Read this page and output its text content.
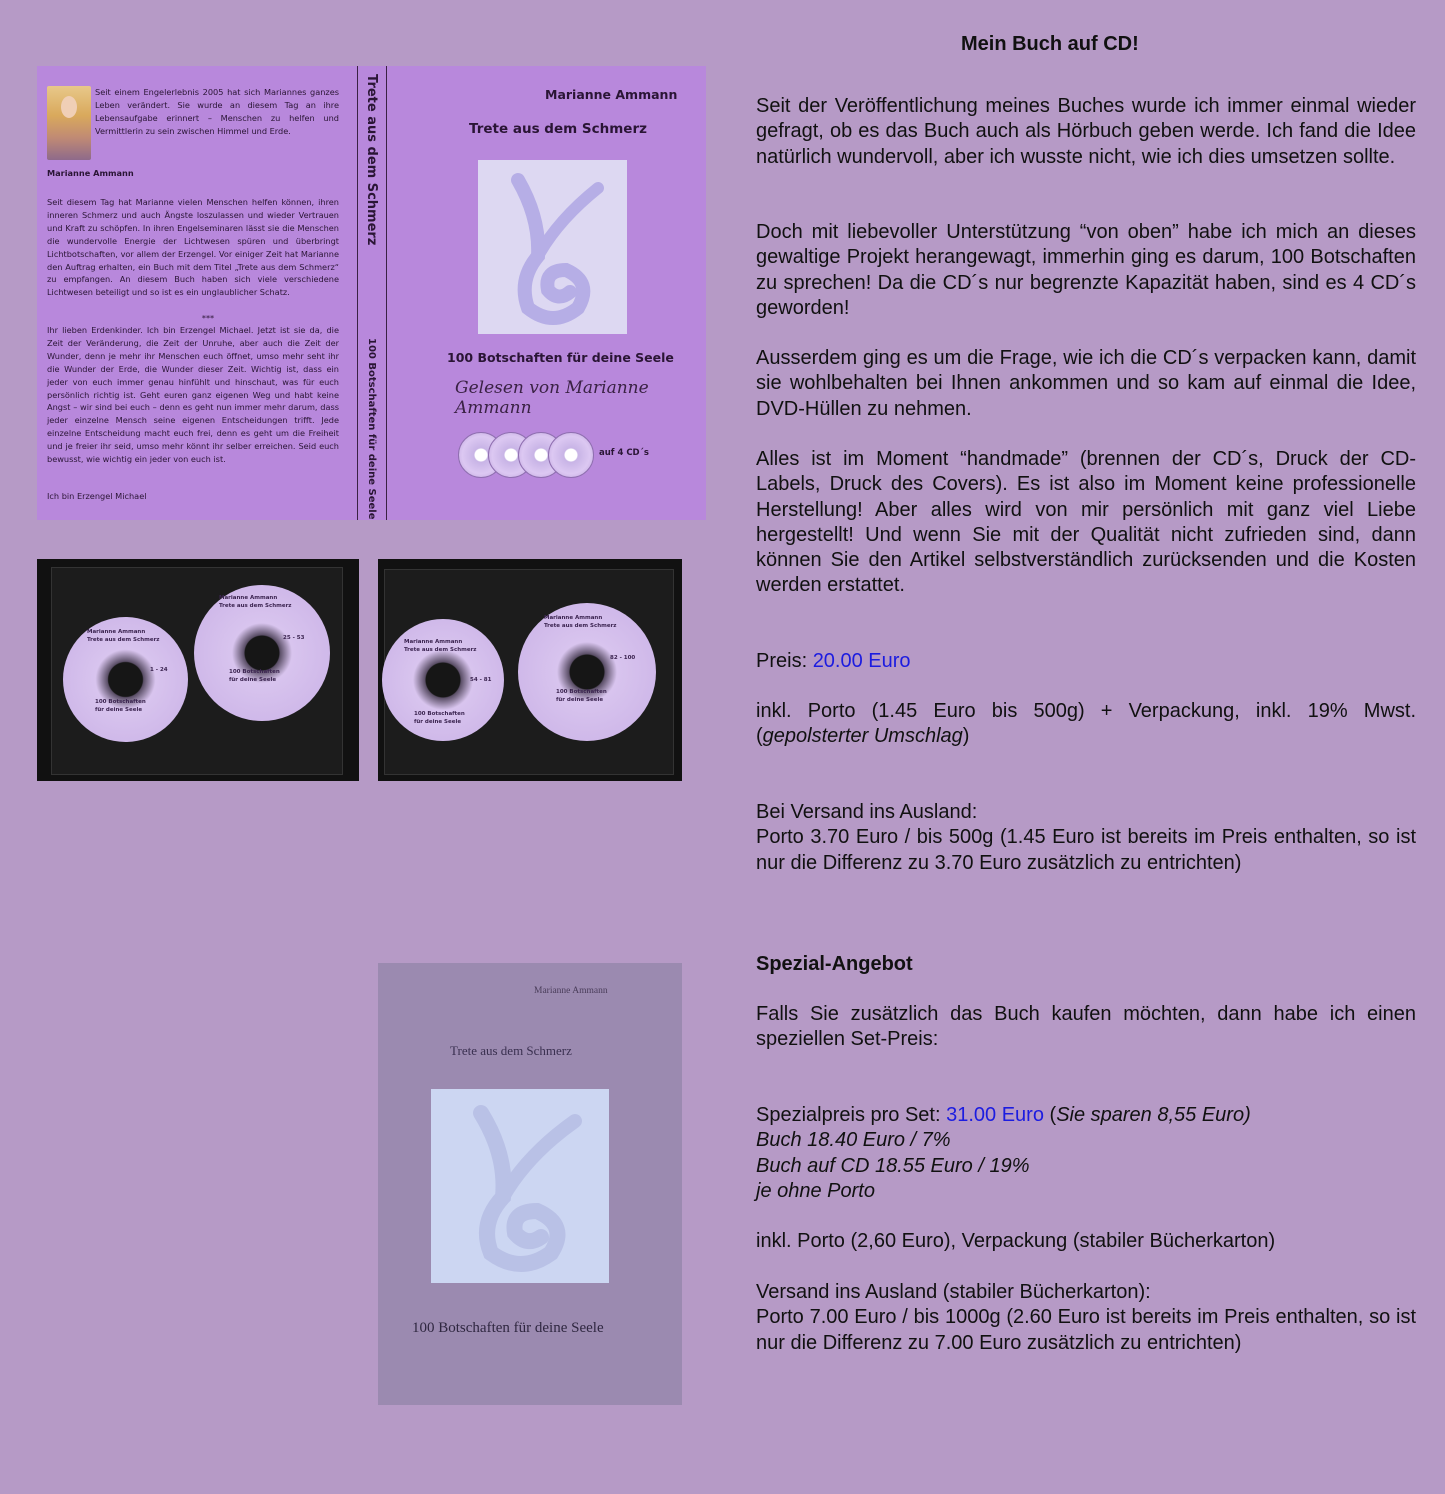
Seit einem Engelerlebnis 2005 hat sich Mariannes ganzes Leben verändert. Sie wurde an diesem Tag an ihre Lebensaufgabe erinnert – Menschen zu helfen und Vermittlerin zu sein zwischen Himmel und Erde.
Marianne Ammann
Seit diesem Tag hat Marianne vielen Menschen helfen können, ihren inneren Schmerz und auch Ängste loszulassen und wieder Vertrauen und Kraft zu schöpfen. In ihren Engelseminaren lässt sie die Menschen die wundervolle Energie der Lichtwesen spüren und überbringt Lichtbotschaften, vor allem der Erzengel. Vor einiger Zeit hat Marianne den Auftrag erhalten, ein Buch mit dem Titel „Trete aus dem Schmerz“ zu empfangen. An diesem Buch haben sich viele verschiedene Lichtwesen beteiligt und so ist es ein unglaublicher Schatz.
***
Ihr lieben Erdenkinder. Ich bin Erzengel Michael. Jetzt ist sie da, die Zeit der Veränderung, die Zeit der Unruhe, aber auch die Zeit der Wunder, denn je mehr ihr Menschen euch öffnet, umso mehr seht ihr die Wunder der Erde, die Wunder dieser Zeit. Wichtig ist, dass ein jeder von euch immer genau hinfühlt und hinschaut, was für euch persönlich richtig ist. Geht euren ganz eigenen Weg und habt keine Angst – wir sind bei euch – denn es geht nun immer mehr darum, dass jeder einzelne Mensch seine eigenen Entscheidungen trifft. Jede einzelne Entscheidung macht euch frei, denn es geht um die Freiheit und je freier ihr seid, umso mehr könnt ihr selber erreichen. Seid euch bewusst, wie wichtig ein jeder von euch ist.
Ich bin Erzengel Michael
Trete aus dem Schmerz
100 Botschaften für deine Seele
Marianne Ammann
Trete aus dem Schmerz
100 Botschaften für deine Seele
Gelesen von Marianne Ammann
auf 4 CD´s
Marianne Ammann
Trete aus dem Schmerz
1 - 24
100 Botschaften
für deine Seele
Marianne Ammann
Trete aus dem Schmerz
25 - 53
100 Botschaften
für deine Seele
Marianne Ammann
Trete aus dem Schmerz
54 - 81
100 Botschaften
für deine Seele
Marianne Ammann
Trete aus dem Schmerz
82 - 100
100 Botschaften
für deine Seele
Marianne Ammann
Trete aus dem Schmerz
100 Botschaften für deine Seele
Mein Buch auf CD!

Seit der Veröffentlichung meines Buches wurde ich immer einmal wieder gefragt, ob es das Buch auch als Hörbuch geben werde. Ich fand die Idee natürlich wundervoll, aber ich wusste nicht, wie ich dies umsetzen sollte.

Doch mit liebevoller Unterstützung “von oben” habe ich mich an dieses gewaltige Projekt herangewagt, immerhin ging es darum, 100 Botschaften zu sprechen! Da die CD´s nur begrenzte Kapazität haben, sind es 4 CD´s geworden!

Ausserdem ging es um die Frage, wie ich die CD´s verpacken kann, damit sie wohlbehalten bei Ihnen ankommen und so kam auf einmal die Idee, DVD-Hüllen zu nehmen.

Alles ist im Moment “handmade” (brennen der CD´s, Druck der CD-Labels, Druck des Covers). Es ist also im Moment keine professionelle Herstellung! Aber alles wird von mir persönlich mit ganz viel Liebe hergestellt! Und wenn Sie mit der Qualität nicht zufrieden sind, dann können Sie den Artikel selbstverständlich zurücksenden und die Kosten werden erstattet.

Preis: 20.00 Euro
inkl. Porto (1.45 Euro bis 500g) + Verpackung, inkl. 19% Mwst. (gepolsterter Umschlag)
Bei Versand ins Ausland:
Porto 3.70 Euro / bis 500g (1.45 Euro ist bereits im Preis enthalten, so ist nur die Differenz zu 3.70 Euro zusätzlich zu entrichten)
Spezial-Angebot

Falls Sie zusätzlich das Buch kaufen möchten, dann habe ich einen speziellen Set-Preis:

Spezialpreis pro Set: 31.00 Euro (Sie sparen 8,55 Euro)
Buch 18.40 Euro / 7%
Buch auf CD 18.55 Euro / 19%
je ohne Porto
inkl. Porto (2,60 Euro), Verpackung (stabiler Bücherkarton)
Versand ins Ausland (stabiler Bücherkarton):
Porto 7.00 Euro / bis 1000g (2.60 Euro ist bereits im Preis enthalten, so ist nur die Differenz zu 7.00 Euro zusätzlich zu entrichten)
